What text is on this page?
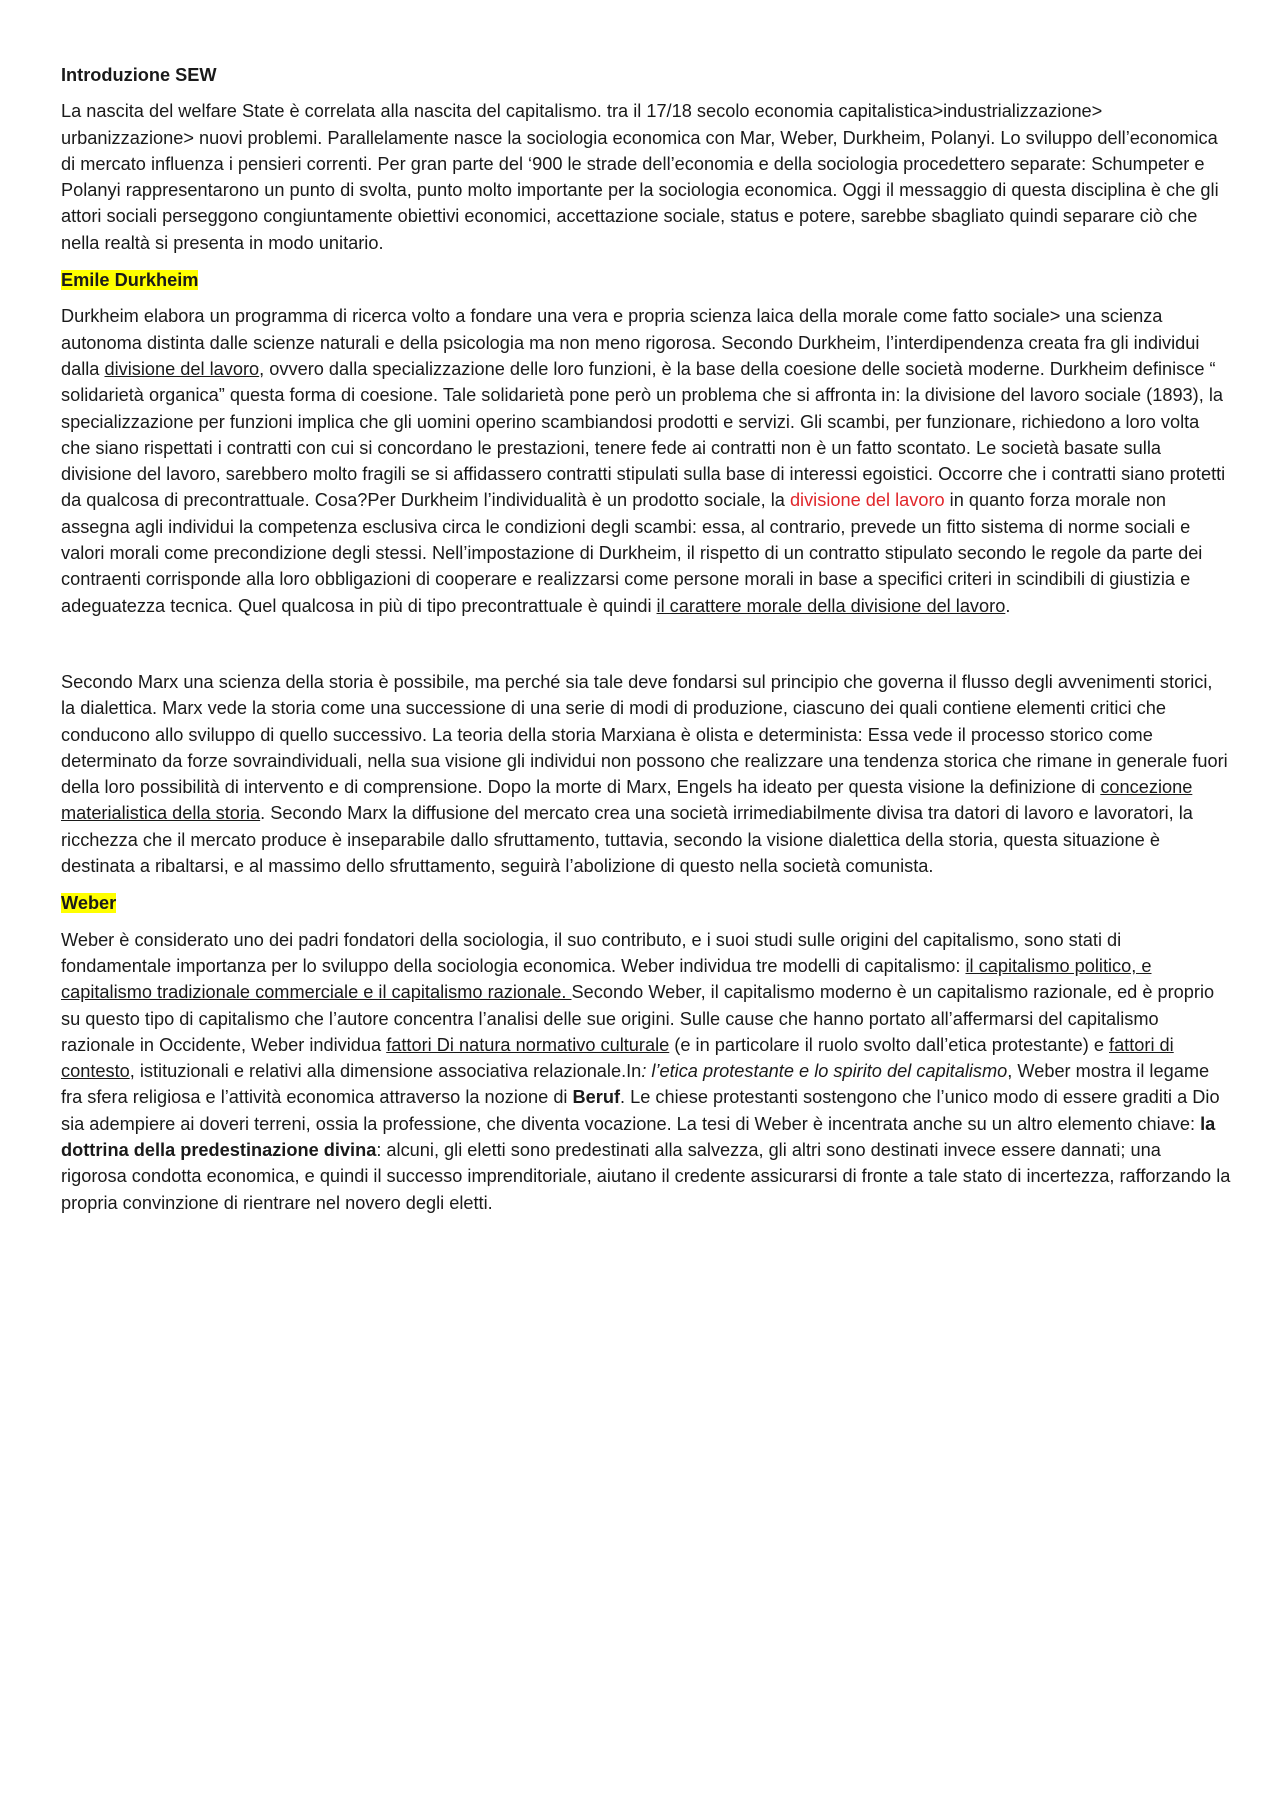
Introduzione SEW

La nascita del welfare State è correlata alla nascita del capitalismo. tra il 17/18 secolo economia capitalistica>industrializzazione> urbanizzazione> nuovi problemi. Parallelamente nasce la sociologia economica con Mar, Weber, Durkheim, Polanyi. Lo sviluppo dell’economica di mercato influenza i pensieri correnti. Per gran parte del ‘900 le strade dell’economia e della sociologia procedettero separate: Schumpeter e Polanyi rappresentarono un punto di svolta, punto molto importante per la sociologia economica. Oggi il messaggio di questa disciplina è che gli attori sociali perseggono congiuntamente obiettivi economici, accettazione sociale, status e potere, sarebbe sbagliato quindi separare ciò che nella realtà si presenta in modo unitario.

Emile Durkheim

Durkheim elabora un programma di ricerca volto a fondare una vera e propria scienza laica della morale come fatto sociale> una scienza autonoma distinta dalle scienze naturali e della psicologia ma non meno rigorosa. Secondo Durkheim, l’interdipendenza creata fra gli individui dalla divisione del lavoro, ovvero dalla specializzazione delle loro funzioni, è la base della coesione delle società moderne. Durkheim definisce “ solidarietà organica” questa forma di coesione. Tale solidarietà pone però un problema che si affronta in: la divisione del lavoro sociale (1893), la specializzazione per funzioni implica che gli uomini operino scambiandosi prodotti e servizi. Gli scambi, per funzionare, richiedono a loro volta che siano rispettati i contratti con cui si concordano le prestazioni, tenere fede ai contratti non è un fatto scontato. Le società basate sulla divisione del lavoro, sarebbero molto fragili se si affidassero contratti stipulati sulla base di interessi egoistici. Occorre che i contratti siano protetti da qualcosa di precontrattuale. Cosa?Per Durkheim l’individualità è un prodotto sociale, la divisione del lavoro in quanto forza morale non assegna agli individui la competenza esclusiva circa le condizioni degli scambi: essa, al contrario, prevede un fitto sistema di norme sociali e valori morali come precondizione degli stessi. Nell’impostazione di Durkheim, il rispetto di un contratto stipulato secondo le regole da parte dei contraenti corrisponde alla loro obbligazioni di cooperare e realizzarsi come persone morali in base a specifici criteri in scindibili di giustizia e adeguatezza tecnica. Quel qualcosa in più di tipo precontrattuale è quindi il carattere morale della divisione del lavoro.

Secondo Marx una scienza della storia è possibile, ma perché sia tale deve fondarsi sul principio che governa il flusso degli avvenimenti storici, la dialettica. Marx vede la storia come una successione di una serie di modi di produzione, ciascuno dei quali contiene elementi critici che conducono allo sviluppo di quello successivo. La teoria della storia Marxiana è olista e determinista: Essa vede il processo storico come determinato da forze sovraindividuali, nella sua visione gli individui non possono che realizzare una tendenza storica che rimane in generale fuori della loro possibilità di intervento e di comprensione. Dopo la morte di Marx, Engels ha ideato per questa visione la definizione di concezione materialistica della storia. Secondo Marx la diffusione del mercato crea una società irrimediabilmente divisa tra datori di lavoro e lavoratori, la ricchezza che il mercato produce è inseparabile dallo sfruttamento, tuttavia, secondo la visione dialettica della storia, questa situazione è destinata a ribaltarsi, e al massimo dello sfruttamento, seguirà l’abolizione di questo nella società comunista.

Weber

Weber è considerato uno dei padri fondatori della sociologia, il suo contributo, e i suoi studi sulle origini del capitalismo, sono stati di fondamentale importanza per lo sviluppo della sociologia economica. Weber individua tre modelli di capitalismo: il capitalismo politico, e capitalismo tradizionale commerciale e il capitalismo razionale. Secondo Weber, il capitalismo moderno è un capitalismo razionale, ed è proprio su questo tipo di capitalismo che l’autore concentra l’analisi delle sue origini. Sulle cause che hanno portato all’affermarsi del capitalismo razionale in Occidente, Weber individua fattori Di natura normativo culturale (e in particolare il ruolo svolto dall’etica protestante) e fattori di contesto, istituzionali e relativi alla dimensione associativa relazionale.In: l’etica protestante e lo spirito del capitalismo, Weber mostra il legame fra sfera religiosa e l’attività economica attraverso la nozione di Beruf. Le chiese protestanti sostengono che l’unico modo di essere graditi a Dio sia adempiere ai doveri terreni, ossia la professione, che diventa vocazione. La tesi di Weber è incentrata anche su un altro elemento chiave: la dottrina della predestinazione divina: alcuni, gli eletti sono predestinati alla salvezza, gli altri sono destinati invece essere dannati; una rigorosa condotta economica, e quindi il successo imprenditoriale, aiutano il credente assicurarsi di fronte a tale stato di incertezza, rafforzando la propria convinzione di rientrare nel novero degli eletti.
